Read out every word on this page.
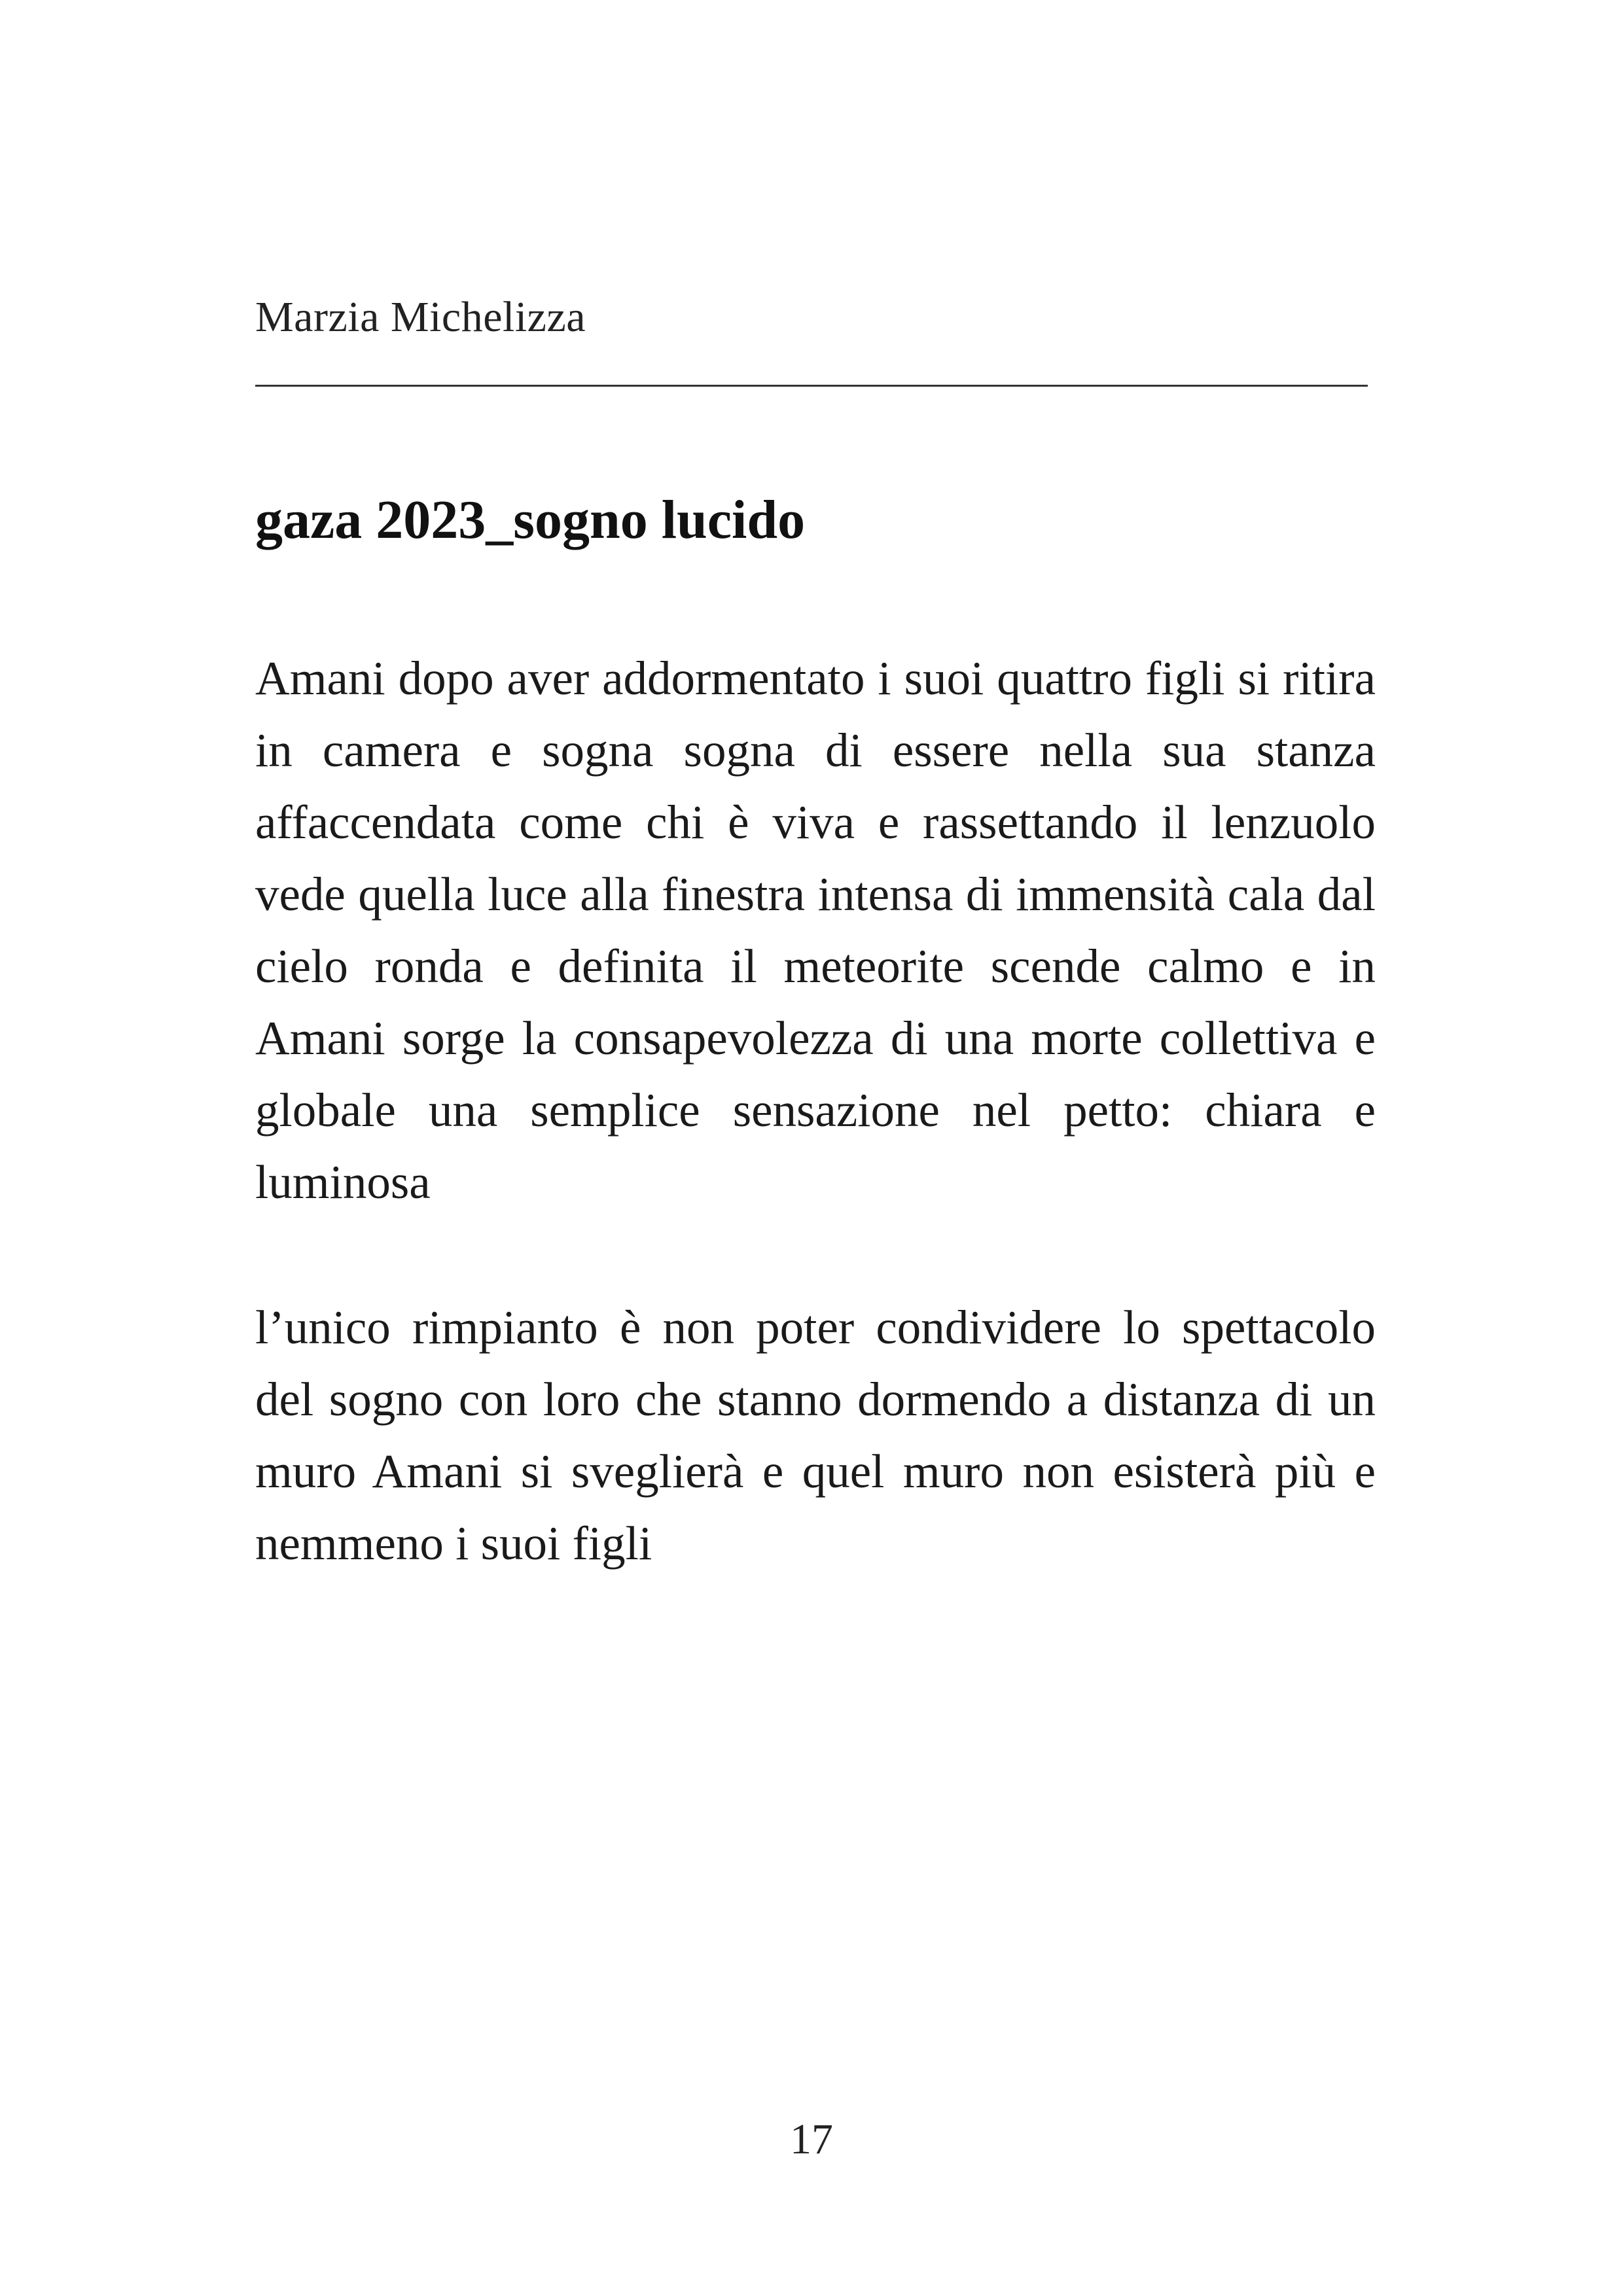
Marzia Michelizza
gaza 2023_sogno lucido

Amani dopo aver addormentato i suoi quattro figli si ritira in camera e sogna sogna di essere nella sua stanza affaccendata come chi è viva e rassettando il lenzuolo vede quella luce alla finestra intensa di immensità cala dal cielo ronda e definita il meteorite scende calmo e in Amani sorge la consapevolezza di una morte collettiva e globale una semplice sensazione nel petto: chiara e luminosa

l’unico rimpianto è non poter condividere lo spettacolo del sogno con loro che stanno dormendo a distanza di un muro Amani si sveglierà e quel muro non esisterà più e nemmeno i suoi figli

17
